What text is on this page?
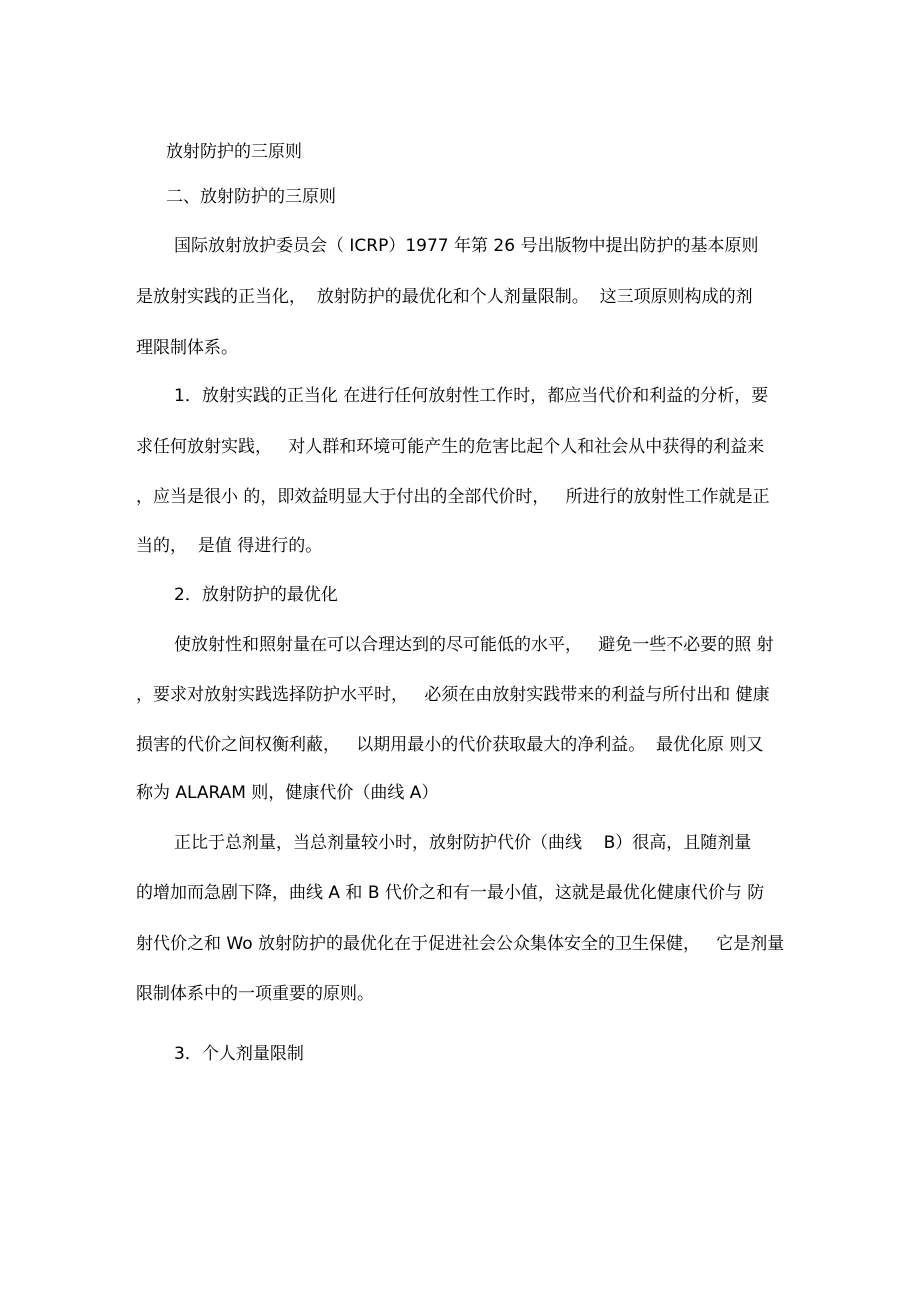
放射防护的三原则
二、放射防护的三原则
国际放射放护委员会（ ICRP）1977 年第 26 号出版物中提出防护的基本原则
是放射实践的正当化，  放射防护的最优化和个人剂量限制。  这三项原则构成的剂
理限制体系。
1．放射实践的正当化 在进行任何放射性工作时，都应当代价和利益的分析，要
求任何放射实践，   对人群和环境可能产生的危害比起个人和社会从中获得的利益来
，应当是很小 的，即效益明显大于付出的全部代价时，   所进行的放射性工作就是正
当的，  是值 得进行的。
2．放射防护的最优化
使放射性和照射量在可以合理达到的尽可能低的水平，   避免一些不必要的照 射
，要求对放射实践选择防护水平时，   必须在由放射实践带来的利益与所付出和 健康
损害的代价之间权衡利蔽，   以期用最小的代价获取最大的净利益。  最优化原 则又
称为 ALARAM 则，健康代价（曲线 A）
正比于总剂量，当总剂量较小时，放射防护代价（曲线    B）很高，且随剂量
的增加而急剧下降，曲线 A 和 B 代价之和有一最小值，这就是最优化健康代价与 防
射代价之和 Wo 放射防护的最优化在于促进社会公众集体安全的卫生保健，   它是剂量
限制体系中的一项重要的原则。
3．个人剂量限制
